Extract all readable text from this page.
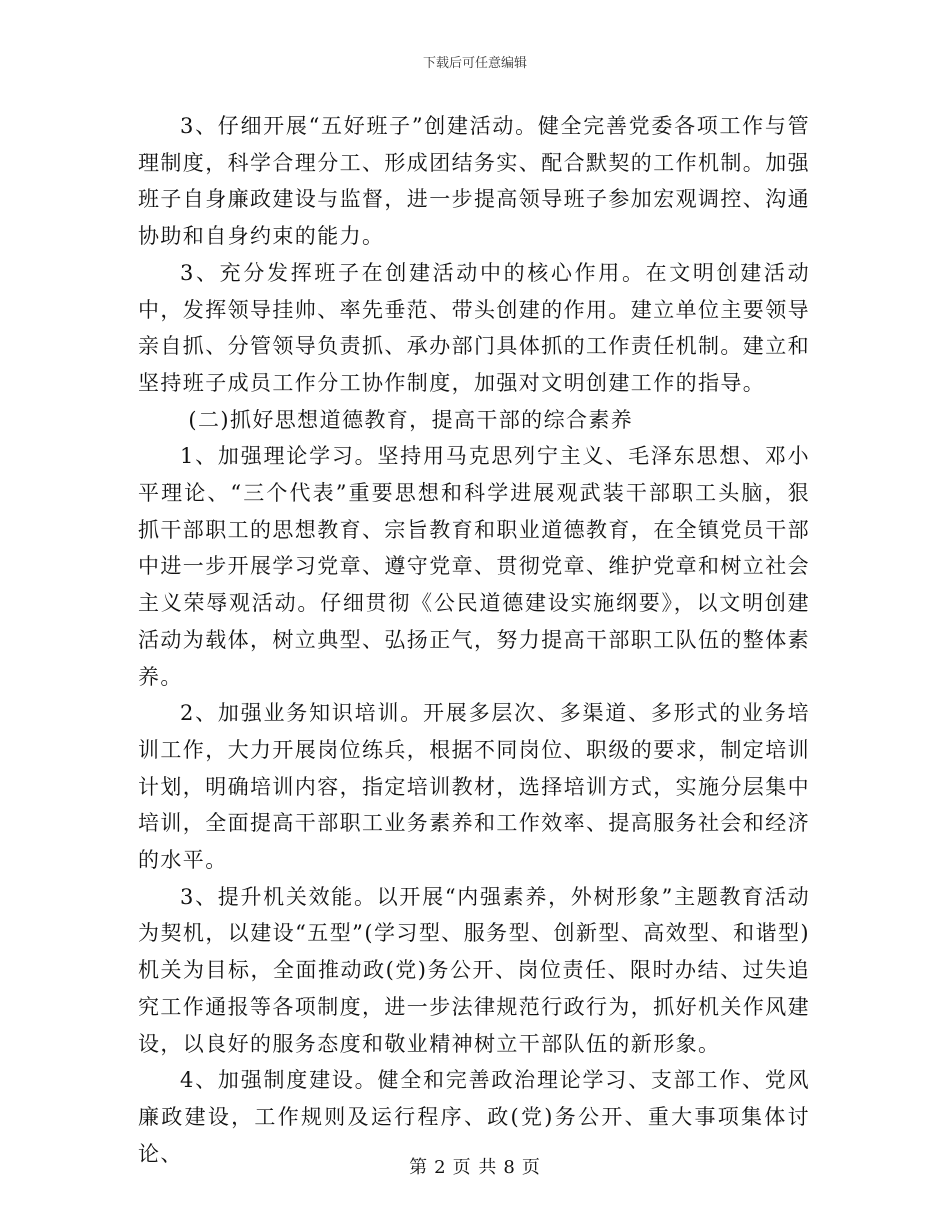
下载后可任意编辑

3、仔细开展“五好班子”创建活动。健全完善党委各项工作与管理制度，科学合理分工、形成团结务实、配合默契的工作机制。加强班子自身廉政建设与监督，进一步提高领导班子参加宏观调控、沟通协助和自身约束的能力。

3、充分发挥班子在创建活动中的核心作用。在文明创建活动中，发挥领导挂帅、率先垂范、带头创建的作用。建立单位主要领导亲自抓、分管领导负责抓、承办部门具体抓的工作责任机制。建立和坚持班子成员工作分工协作制度，加强对文明创建工作的指导。

(二)抓好思想道德教育，提高干部的综合素养

1、加强理论学习。坚持用马克思列宁主义、毛泽东思想、邓小平理论、“三个代表”重要思想和科学进展观武装干部职工头脑，狠抓干部职工的思想教育、宗旨教育和职业道德教育，在全镇党员干部中进一步开展学习党章、遵守党章、贯彻党章、维护党章和树立社会主义荣辱观活动。仔细贯彻《公民道德建设实施纲要》，以文明创建活动为载体，树立典型、弘扬正气，努力提高干部职工队伍的整体素养。

2、加强业务知识培训。开展多层次、多渠道、多形式的业务培训工作，大力开展岗位练兵，根据不同岗位、职级的要求，制定培训计划，明确培训内容，指定培训教材，选择培训方式，实施分层集中培训，全面提高干部职工业务素养和工作效率、提高服务社会和经济的水平。

3、提升机关效能。以开展“内强素养，外树形象”主题教育活动为契机，以建设“五型”(学习型、服务型、创新型、高效型、和谐型)机关为目标，全面推动政(党)务公开、岗位责任、限时办结、过失追究工作通报等各项制度，进一步法律规范行政行为，抓好机关作风建设，以良好的服务态度和敬业精神树立干部队伍的新形象。

4、加强制度建设。健全和完善政治理论学习、支部工作、党风廉政建设，工作规则及运行程序、政(党)务公开、重大事项集体讨论、

第 2 页 共 8 页
